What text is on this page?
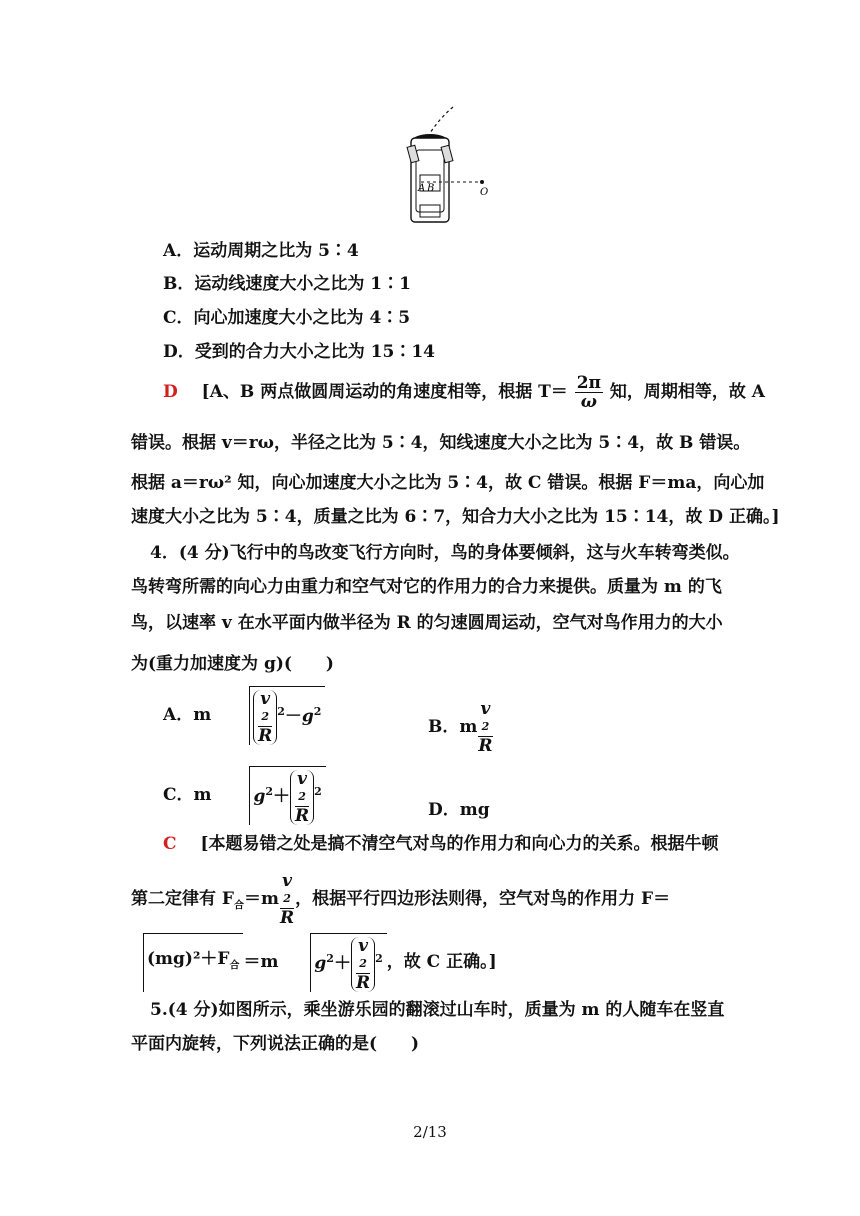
A B	O
A．运动周期之比为 5∶4
B．运动线速度大小之比为 1∶1
C．向心加速度大小之比为 4∶5
D．受到的合力大小之比为 15∶14
D [A、B 两点做圆周运动的角速度相等，根据 $T= \frac{2\pi}{\omega}$ 知，周期相等，故 A
错误。根据 v＝rω，半径之比为 5∶4，知线速度大小之比为 5∶4，故 B 错误。
根据 a＝rω² 知，向心加速度大小之比为 5∶4，故 C 错误。根据 F＝ma，向心加
速度大小之比为 5∶4，质量之比为 6∶7，知合力大小之比为 15∶14，故 D 正确。]
4．(4 分)飞行中的鸟改变飞行方向时，鸟的身体要倾斜，这与火车转弯类似。
鸟转弯所需的向心力由重力和空气对它的作用力的合力来提供。质量为 m 的飞
鸟，以速率 v 在水平面内做半径为 R 的匀速圆周运动，空气对鸟作用力的大小
为(重力加速度为 g)(　　)
A．m	v
2
R $^2-g^2$
B．m v
2
R
C．m $g^2+ v$
2
R $^2$
D．mg
C [本题易错之处是搞不清空气对鸟的作用力和向心力的关系。根据牛顿
第二定律有 $F_合=m$ v
2
R ，根据平行四边形法则得，空气对鸟的作用力 F＝
$(mg)^2+F_合 =m$ $g^2+ v$
2
R $^2$ ，故 C 正确。]
5.(4 分)如图所示，乘坐游乐园的翻滚过山车时，质量为 m 的人随车在竖直
平面内旋转，下列说法正确的是(　　)
2/13
